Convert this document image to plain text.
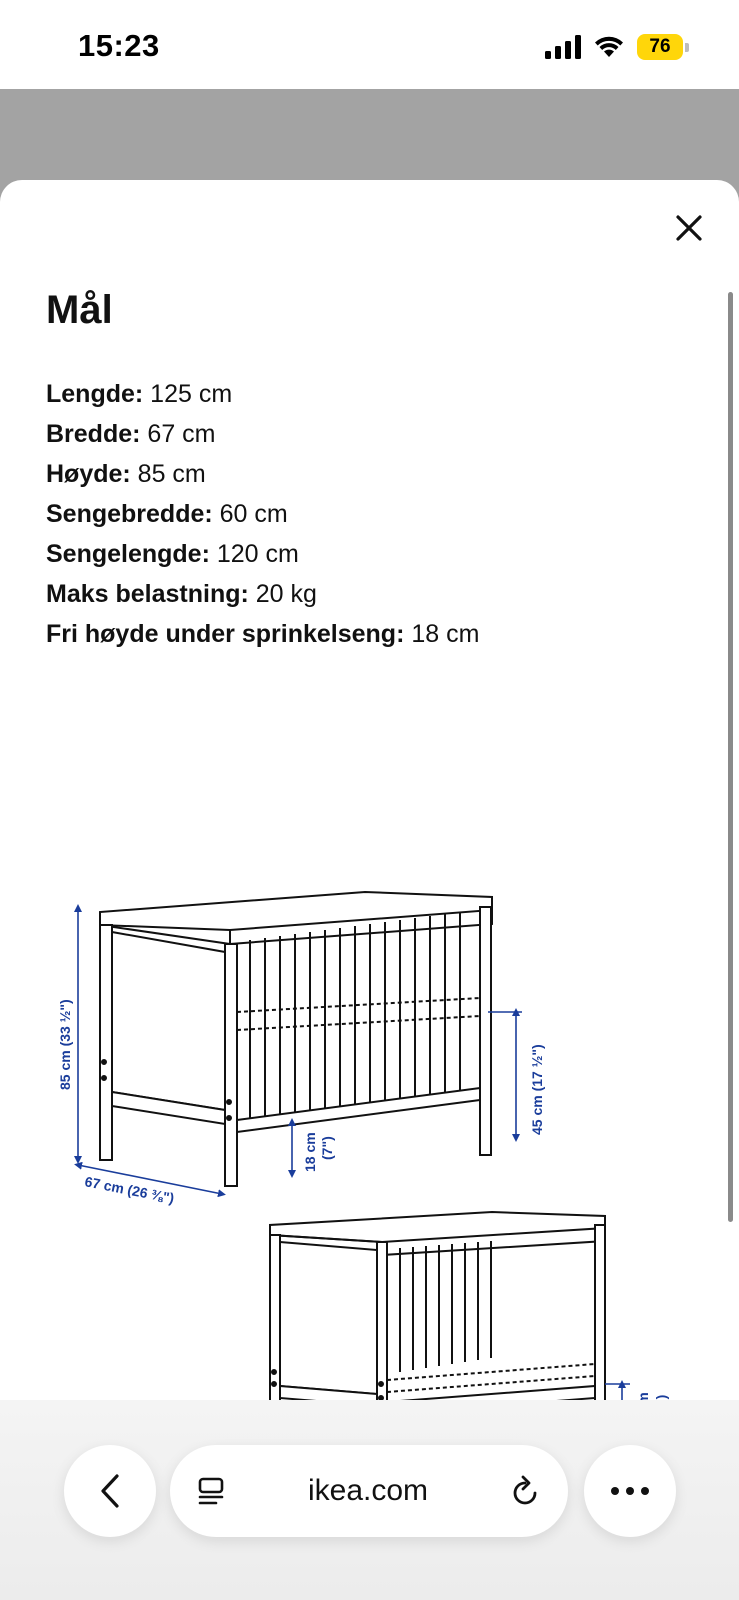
15:23	76
Mål
Lengde: 125 cm
Bredde: 67 cm
Høyde: 85 cm
Sengebredde: 60 cm
Sengelengde: 120 cm
Maks belastning: 20 kg
Fri høyde under sprinkelseng: 18 cm
85 cm (33 ½")
67 cm (26 ⅜")
18 cm (7")
45 cm (17 ½")
ikea.com
